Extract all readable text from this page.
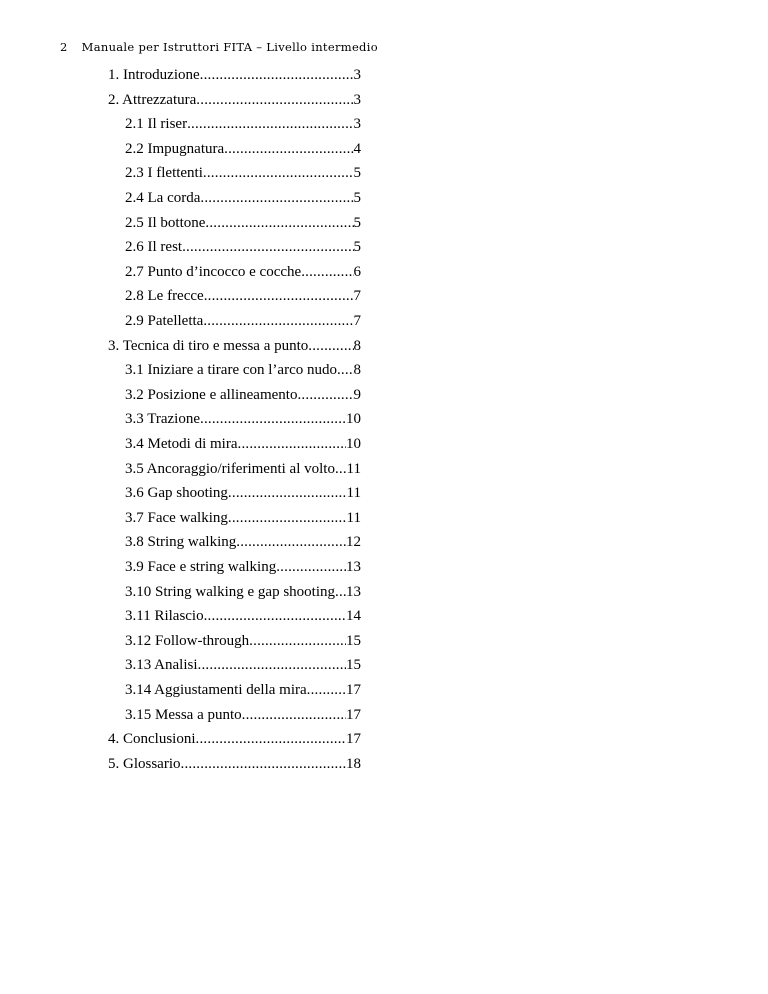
2 Manuale per Istruttori FITA – Livello intermedio
1. Introduzione .....	3
2. Attrezzatura .....	3
2.1 Il riser .....	3
2.2 Impugnatura .....	4
2.3 I flettenti .....	5
2.4 La corda .....	5
2.5 Il bottone .....	5
2.6 Il rest .....	5
2.7 Punto d’incocco e cocche .....	6
2.8 Le frecce .....	7
2.9 Patelletta .....	7
3. Tecnica di tiro e messa a punto .....	8
3.1 Iniziare a tirare con l’arco nudo ..... 8
3.2 Posizione e allineamento .....	9
3.3 Trazione .....	10
3.4 Metodi di mira .....	10
3.5 Ancoraggio/riferimenti al volto ..... 11
3.6 Gap shooting .....	11
3.7 Face walking .....	11
3.8 String walking .....	12
3.9 Face e string walking .....	13
3.10 String walking e gap shooting ..... 13
3.11 Rilascio .....	14
3.12 Follow-through .....	15
3.13 Analisi .....	15
3.14 Aggiustamenti della mira .....	17
3.15 Messa a punto .....	17
4. Conclusioni .....	17
5. Glossario .....	18
